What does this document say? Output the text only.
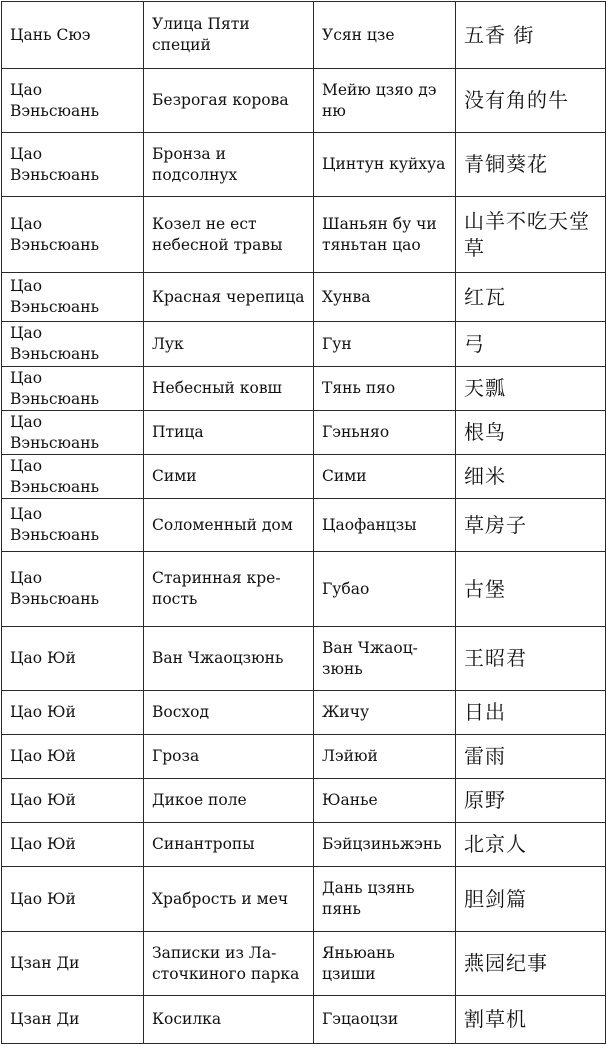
Цань Сюэ	Улица Пяти специй	Усян цзе	五香 街
Цао Вэньсюань	Безрогая корова	Мейю цзяо дэ ню	没有角的牛
Цао Вэньсюань	Бронза и подсолнух	Цинтун куйхуа	青铜葵花
Цао Вэньсюань	Козел не ест небесной травы	Шаньян бу чи тяньтан цао	山羊不吃天堂草
Цао Вэньсюань	Красная черепица	Хунва	红瓦
Цао Вэньсюань	Лук	Гун	弓
Цао Вэньсюань	Небесный ковш	Тянь пяо	天瓢
Цао Вэньсюань	Птица	Гэньняо	根鸟
Цао Вэньсюань	Сими	Сими	细米
Цао Вэньсюань	Соломенный дом	Цаофанцзы	草房子
Цао Вэньсюань	Старинная кре-пость	Губао	古堡
Цао Юй	Ван Чжаоцзюнь	Ван Чжаоц-зюнь	王昭君
Цао Юй	Восход	Жичу	日出
Цао Юй	Гроза	Лэйюй	雷雨
Цао Юй	Дикое поле	Юанье	原野
Цао Юй	Синантропы	Бэйцзиньжэнь	北京人
Цао Юй	Храбрость и меч	Дань цзянь пянь	胆剑篇
Цзан Ди	Записки из Ла-сточкиного парка	Яньюань цзиши	燕园纪事
Цзан Ди	Косилка	Гэцаоцзи	割草机
